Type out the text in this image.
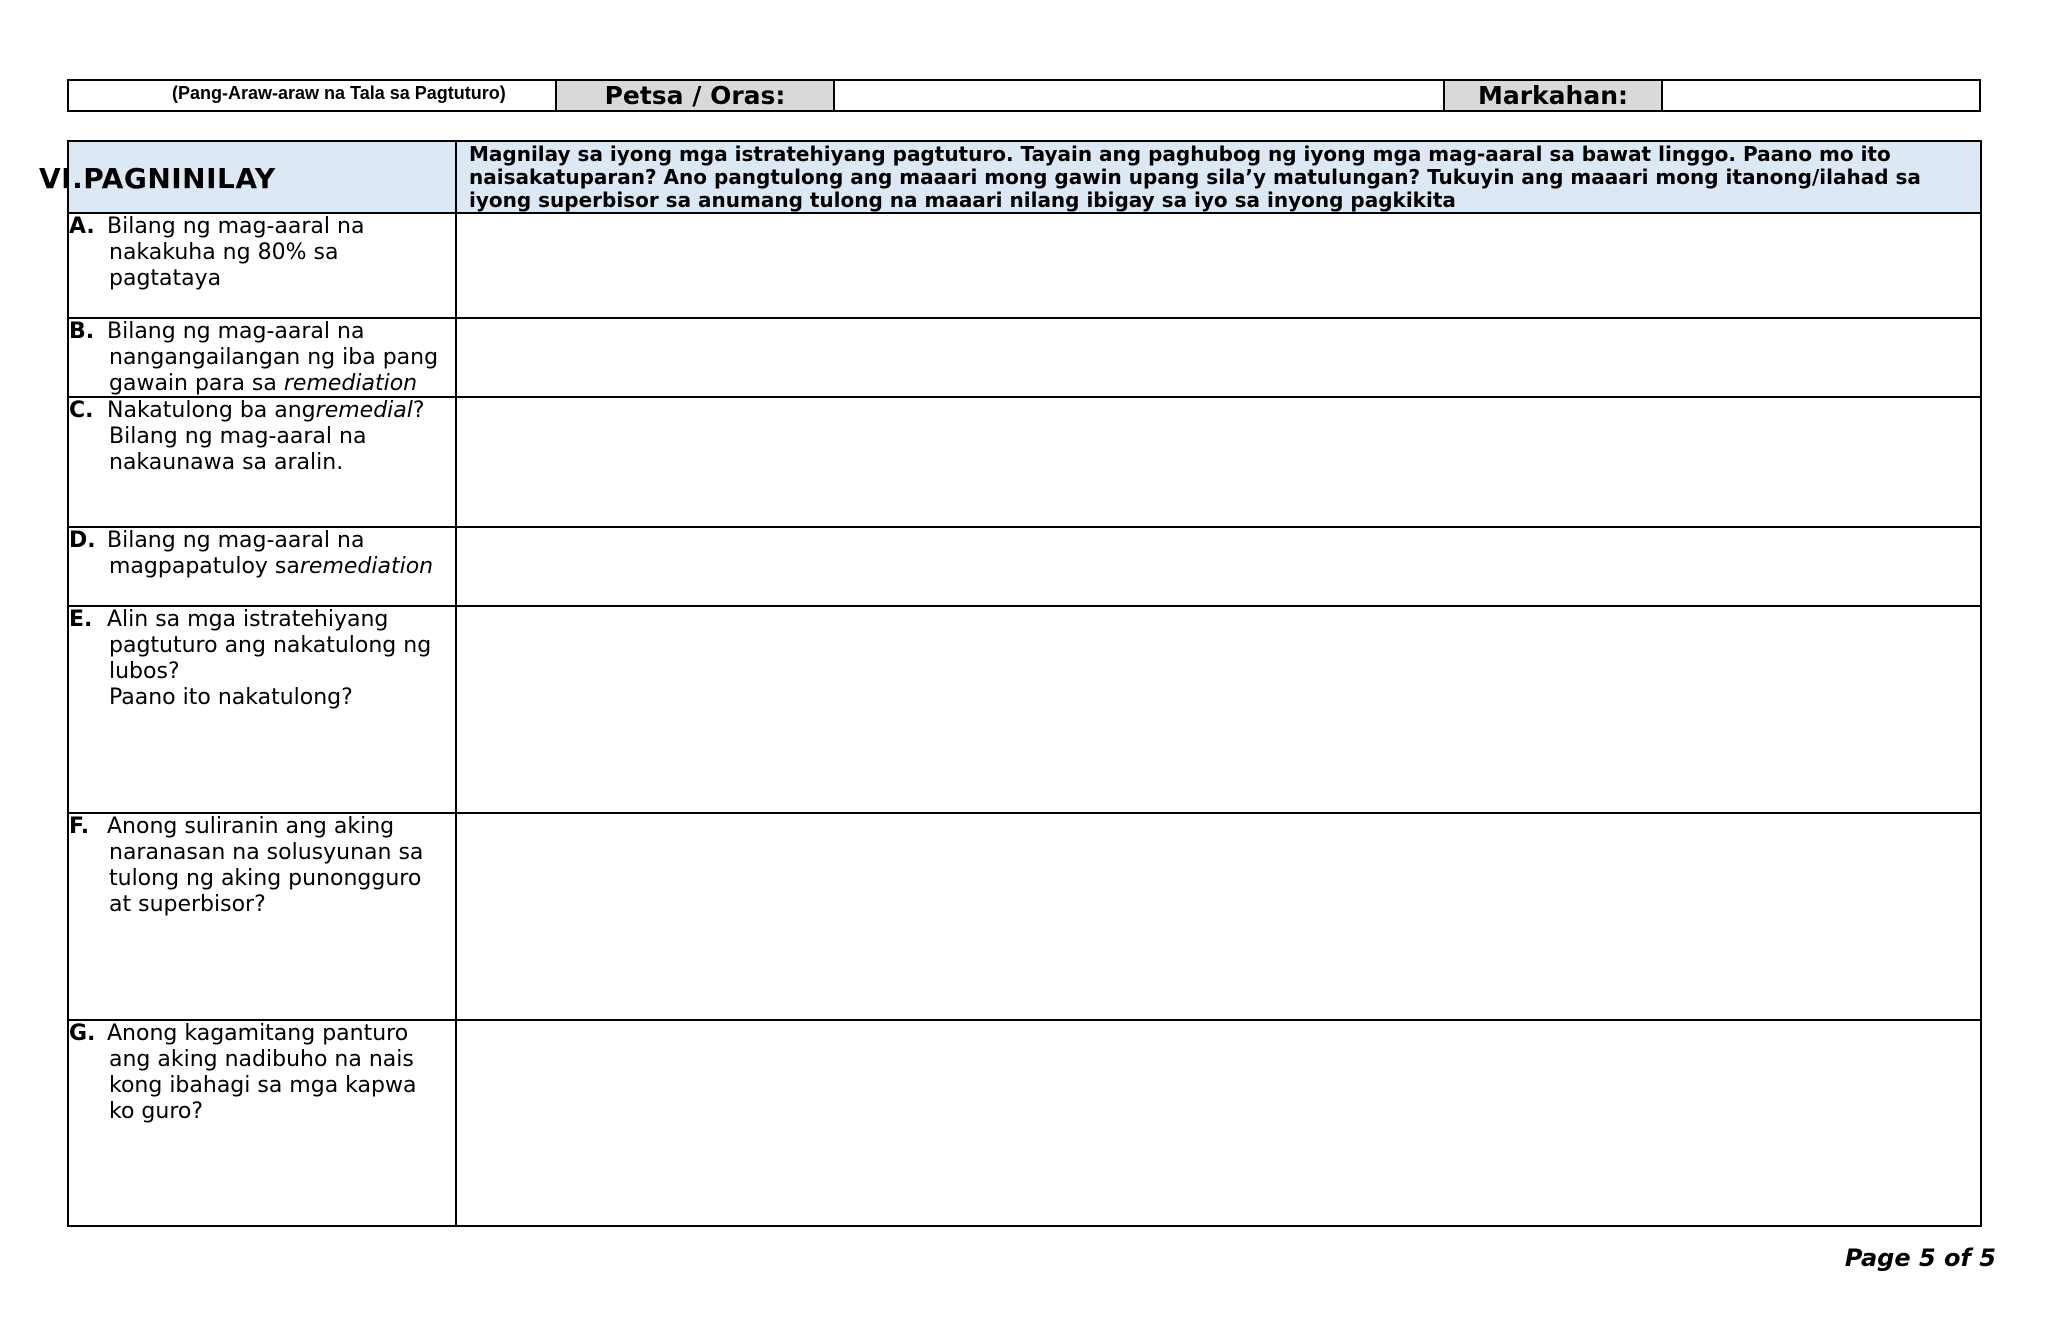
(Pang-Araw-araw na Tala sa Pagtuturo)	Petsa / Oras:	Markahan:
VI.PAGNINILAY
Magnilay sa iyong mga istratehiyang pagtuturo. Tayain ang paghubog ng iyong mga mag-aaral sa bawat linggo. Paano mo ito
naisakatuparan? Ano pangtulong ang maaari mong gawin upang sila’y matulungan? Tukuyin ang maaari mong itanong/ilahad sa
iyong superbisor sa anumang tulong na maaari nilang ibigay sa iyo sa inyong pagkikita
A. Bilang ng mag-aaral na
nakakuha ng 80% sa
pagtataya
B. Bilang ng mag-aaral na
nangangailangan ng iba pang
gawain para sa remediation
C. Nakatulong ba angremedial?
Bilang ng mag-aaral na
nakaunawa sa aralin.
D. Bilang ng mag-aaral na
magpapatuloy saremediation
E. Alin sa mga istratehiyang
pagtuturo ang nakatulong ng
lubos?
Paano ito nakatulong?
F. Anong suliranin ang aking
naranasan na solusyunan sa
tulong ng aking punongguro
at superbisor?
G. Anong kagamitang panturo
ang aking nadibuho na nais
kong ibahagi sa mga kapwa
ko guro?
Page 5 of 5
